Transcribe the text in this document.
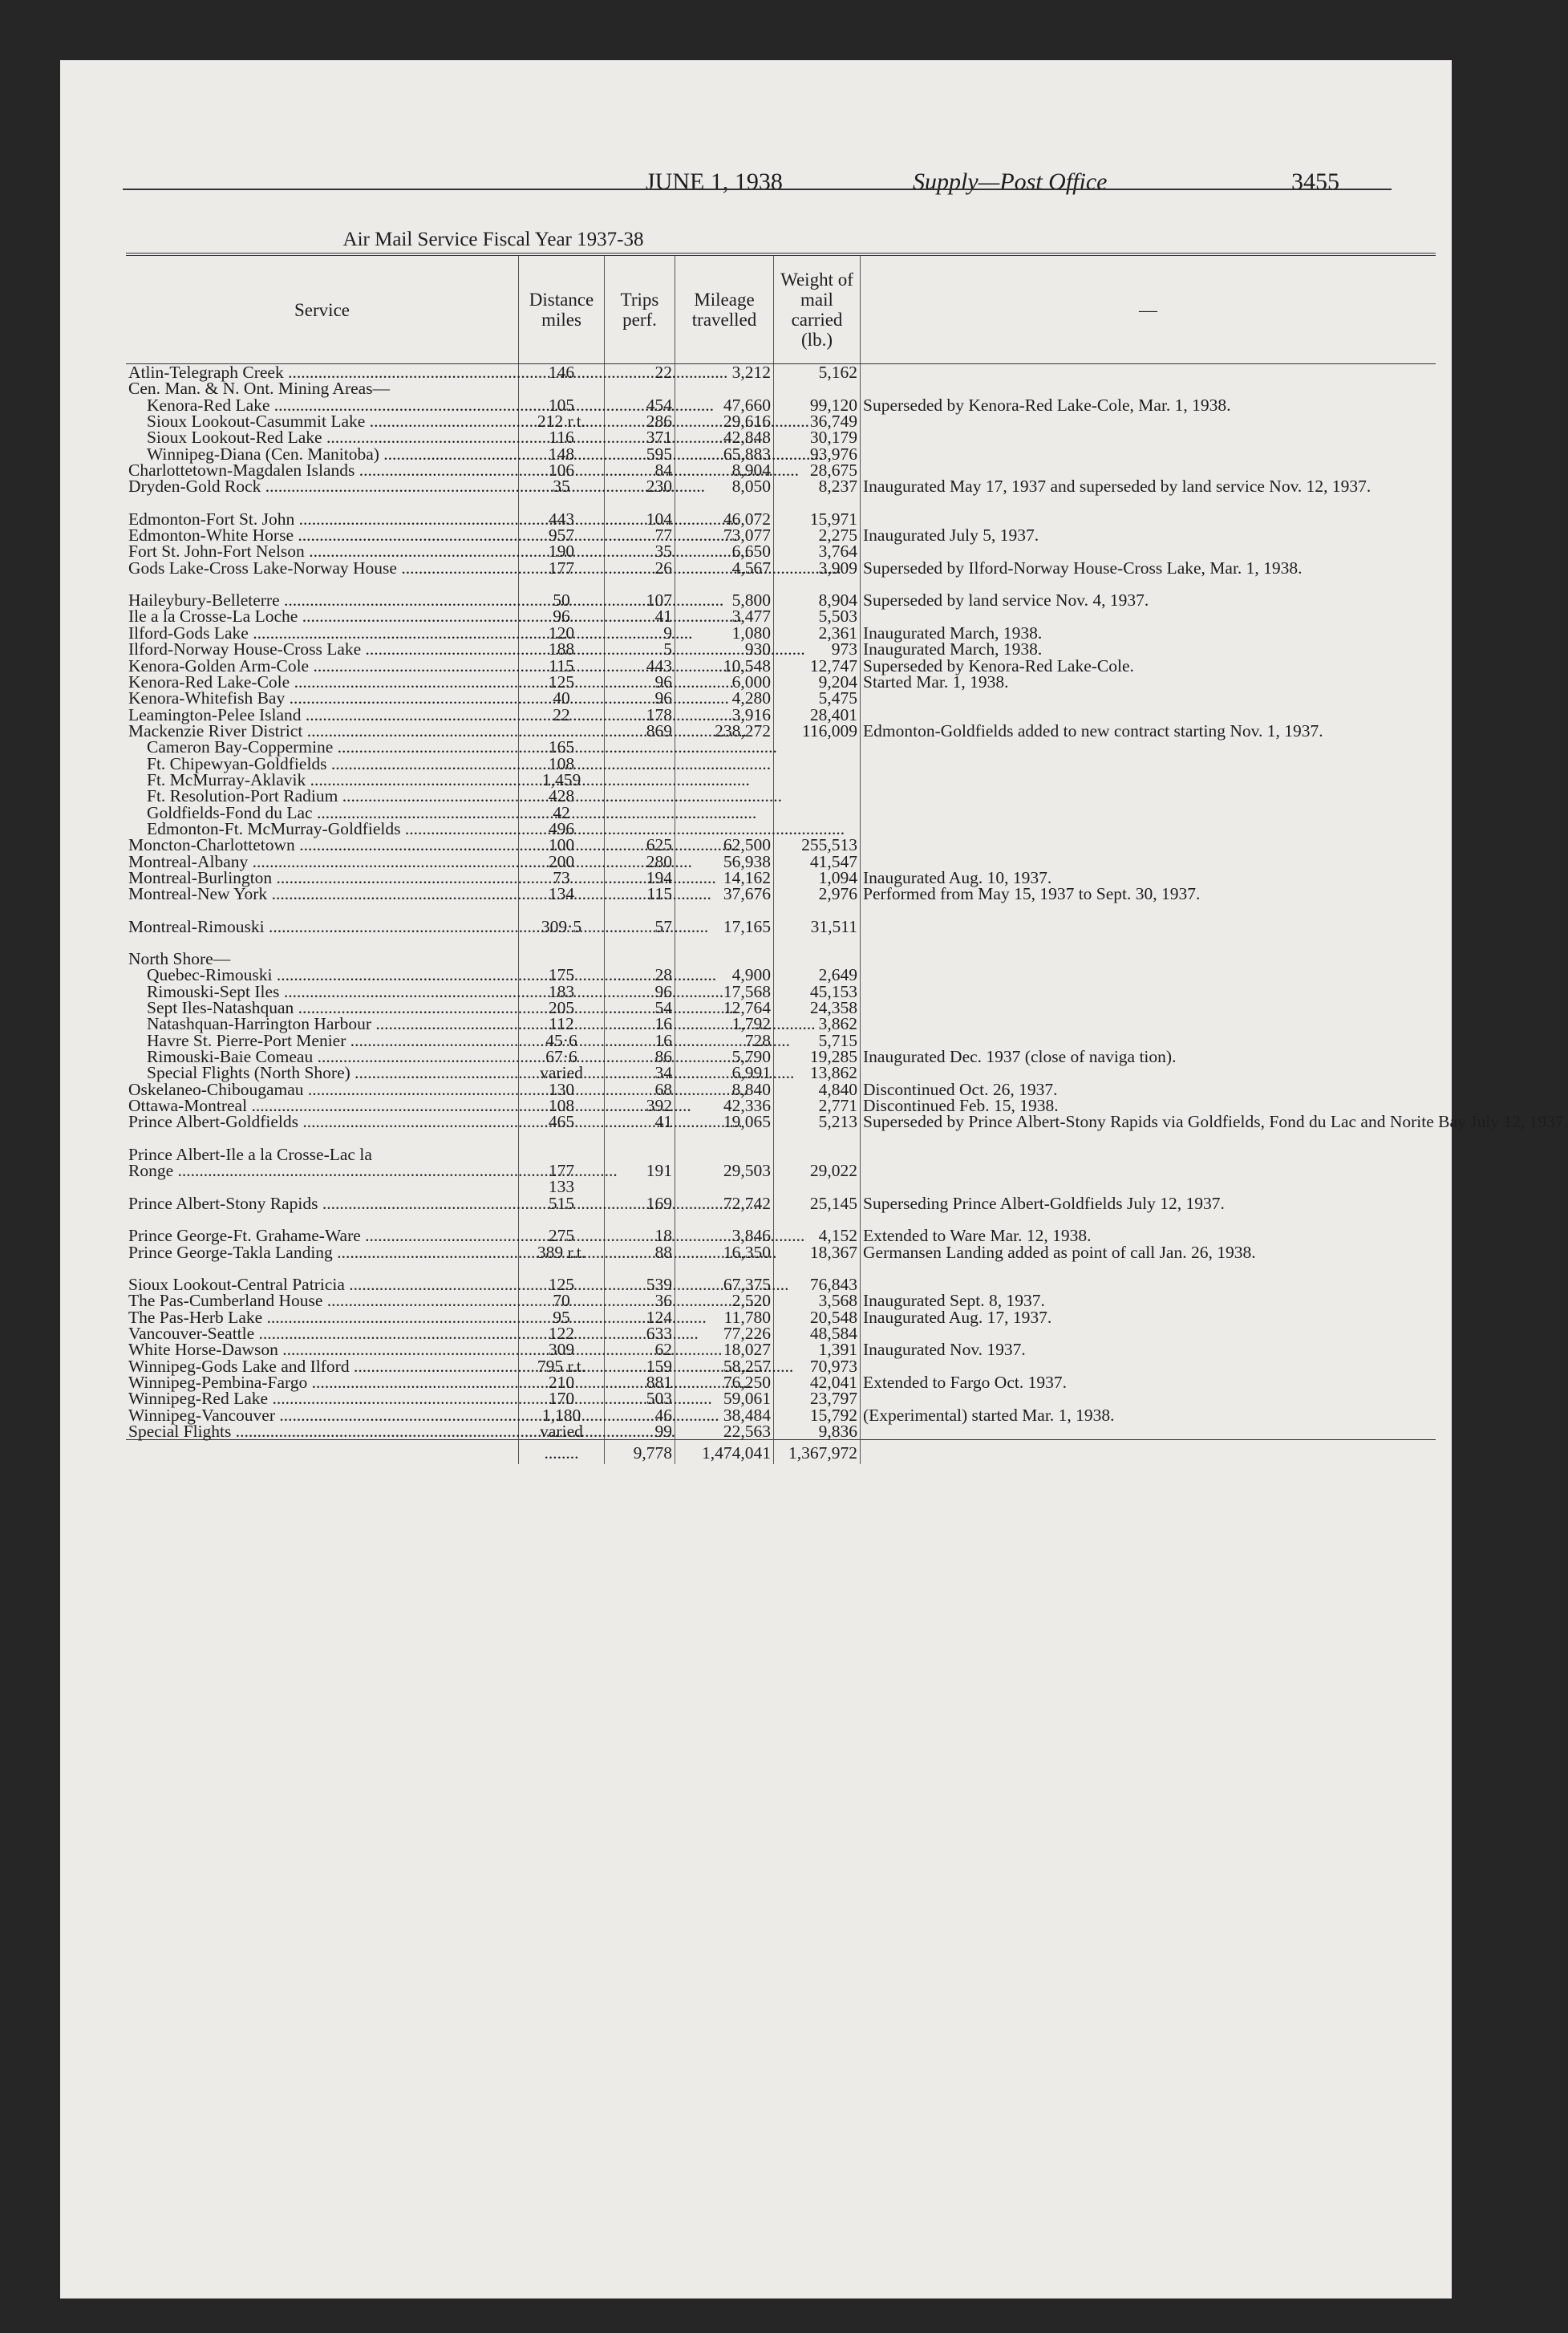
JUNE 1, 1938	Supply—Post Office	3455
Air Mail Service Fiscal Year 1937-38
Service	Distance miles	Trips perf.	Mileage travelled	Weight of mail carried (lb.)	—
Atlin-Telegraph Creek .....	146	22	3,212	5,162	
Cen. Man. & N. Ont. Mining Areas—					
Kenora-Red Lake .....	105	454	47,660	99,120	Superseded by Kenora-Red Lake-Cole, Mar. 1, 1938.
Sioux Lookout-Casummit Lake .....	212 r.t.	286	29,616	36,749	
Sioux Lookout-Red Lake .....	116	371	42,848	30,179	
Winnipeg-Diana (Cen. Manitoba) .....	148	595	65,883	93,976	
Charlottetown-Magdalen Islands .....	106	84	8,904	28,675	
Dryden-Gold Rock .....	35	230	8,050	8,237	Inaugurated May 17, 1937 and superseded by land service Nov. 12, 1937.

Edmonton-Fort St. John .....	443	104	46,072	15,971	
Edmonton-White Horse .....	957	77	73,077	2,275	Inaugurated July 5, 1937.
Fort St. John-Fort Nelson .....	190	35	6,650	3,764	
Gods Lake-Cross Lake-Norway House .....	177	26	4,567	3,909	Superseded by Ilford-Norway House-Cross Lake, Mar. 1, 1938.

Haileybury-Belleterre .....	50	107	5,800	8,904	Superseded by land service Nov. 4, 1937.
Ile a la Crosse-La Loche .....	96	41	3,477	5,503	
Ilford-Gods Lake .....	120	9	1,080	2,361	Inaugurated March, 1938.
Ilford-Norway House-Cross Lake .....	188	5	930	973	Inaugurated March, 1938.
Kenora-Golden Arm-Cole .....	115	443	10,548	12,747	Superseded by Kenora-Red Lake-Cole.
Kenora-Red Lake-Cole .....	125	96	6,000	9,204	Started Mar. 1, 1938.
Kenora-Whitefish Bay .....	40	96	4,280	5,475	
Leamington-Pelee Island .....	22	178	3,916	28,401	
Mackenzie River District .....		869	238,272	116,009	Edmonton-Goldfields added to new contract starting Nov. 1, 1937.
Cameron Bay-Coppermine .....	165				
Ft. Chipewyan-Goldfields .....	108				
Ft. McMurray-Aklavik .....	1,459				
Ft. Resolution-Port Radium .....	428				
Goldfields-Fond du Lac .....	42				
Edmonton-Ft. McMurray-Goldfields .....	496				
Moncton-Charlottetown .....	100	625	62,500	255,513	
Montreal-Albany .....	200	280	56,938	41,547	
Montreal-Burlington .....	73	194	14,162	1,094	Inaugurated Aug. 10, 1937.
Montreal-New York .....	134	115	37,676	2,976	Performed from May 15, 1937 to Sept. 30, 1937.

Montreal-Rimouski .....	309·5	57	17,165	31,511	

North Shore—					
Quebec-Rimouski .....	175	28	4,900	2,649	
Rimouski-Sept Iles .....	183	96	17,568	45,153	
Sept Iles-Natashquan .....	205	54	12,764	24,358	
Natashquan-Harrington Harbour .....	112	16	1,792	3,862	
Havre St. Pierre-Port Menier .....	45·6	16	728	5,715	
Rimouski-Baie Comeau .....	67·6	86	5,790	19,285	Inaugurated Dec. 1937 (close of naviga tion).
Special Flights (North Shore) .....	varied	34	6,991	13,862	
Oskelaneo-Chibougamau .....	130	68	8,840	4,840	Discontinued Oct. 26, 1937.
Ottawa-Montreal .....	108	392	42,336	2,771	Discontinued Feb. 15, 1938.
Prince Albert-Goldfields .....	465	41	19,065	5,213	Superseded by Prince Albert-Stony Rapids via Goldfields, Fond du Lac and Norite Bay July 12, 1937.

Prince Albert-Ile a la Crosse-Lac la					
Ronge .....	177	191	29,503	29,022	
	133				
Prince Albert-Stony Rapids .....	515	169	72,742	25,145	Superseding Prince Albert-Goldfields July 12, 1937.

Prince George-Ft. Grahame-Ware .....	275	18	3,846	4,152	Extended to Ware Mar. 12, 1938.
Prince George-Takla Landing .....	389 r.t.	88	16,350	18,367	Germansen Landing added as point of call Jan. 26, 1938.

Sioux Lookout-Central Patricia .....	125	539	67,375	76,843	
The Pas-Cumberland House .....	70	36	2,520	3,568	Inaugurated Sept. 8, 1937.
The Pas-Herb Lake .....	95	124	11,780	20,548	Inaugurated Aug. 17, 1937.
Vancouver-Seattle .....	122	633	77,226	48,584	
White Horse-Dawson .....	309	62	18,027	1,391	Inaugurated Nov. 1937.
Winnipeg-Gods Lake and Ilford .....	795 r.t.	159	58,257	70,973	
Winnipeg-Pembina-Fargo .....	210	881	76,250	42,041	Extended to Fargo Oct. 1937.
Winnipeg-Red Lake .....	170	503	59,061	23,797	
Winnipeg-Vancouver .....	1,180	46	38,484	15,792	(Experimental) started Mar. 1, 1938.
Special Flights .....	varied	99	22,563	9,836	
	........	9,778	1,474,041	1,367,972	
